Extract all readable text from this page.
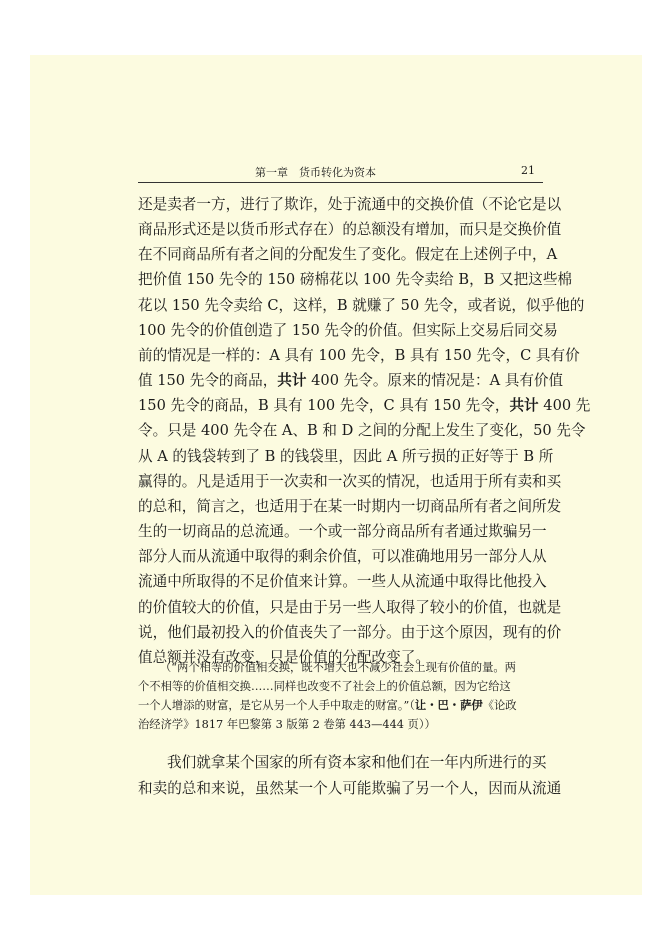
第一章　货币转化为资本	21
还是卖者一方，进行了欺诈，处于流通中的交换价值（不论它是以
商品形式还是以货币形式存在）的总额没有增加，而只是交换价值
在不同商品所有者之间的分配发生了变化。假定在上述例子中，A
把价值 150 先令的 150 磅棉花以 100 先令卖给 B，B 又把这些棉
花以 150 先令卖给 C，这样，B 就赚了 50 先令，或者说，似乎他的
100 先令的价值创造了 150 先令的价值。但实际上交易后同交易
前的情况是一样的：A 具有 100 先令，B 具有 150 先令，C 具有价
值 150 先令的商品，共计 400 先令。原来的情况是：A 具有价值
150 先令的商品，B 具有 100 先令，C 具有 150 先令，共计 400 先
令。只是 400 先令在 A、B 和 D 之间的分配上发生了变化，50 先令
从 A 的钱袋转到了 B 的钱袋里，因此 A 所亏损的正好等于 B 所
赢得的。凡是适用于一次卖和一次买的情况，也适用于所有卖和买
的总和，简言之，也适用于在某一时期内一切商品所有者之间所发
生的一切商品的总流通。一个或一部分商品所有者通过欺骗另一
部分人而从流通中取得的剩余价值，可以准确地用另一部分人从
流通中所取得的不足价值来计算。一些人从流通中取得比他投入
的价值较大的价值，只是由于另一些人取得了较小的价值，也就是
说，他们最初投入的价值丧失了一部分。由于这个原因，现有的价
值总额并没有改变，只是价值的分配改变了。
（“两个相等的价值相交换，既不增大也不减少社会上现有价值的量。两
个不相等的价值相交换……同样也改变不了社会上的价值总额，因为它给这
一个人增添的财富，是它从另一个人手中取走的财富。”（让・巴・萨伊《论政
治经济学》1817 年巴黎第 3 版第 2 卷第 443—444 页））
我们就拿某个国家的所有资本家和他们在一年内所进行的买
和卖的总和来说，虽然某一个人可能欺骗了另一个人，因而从流通
